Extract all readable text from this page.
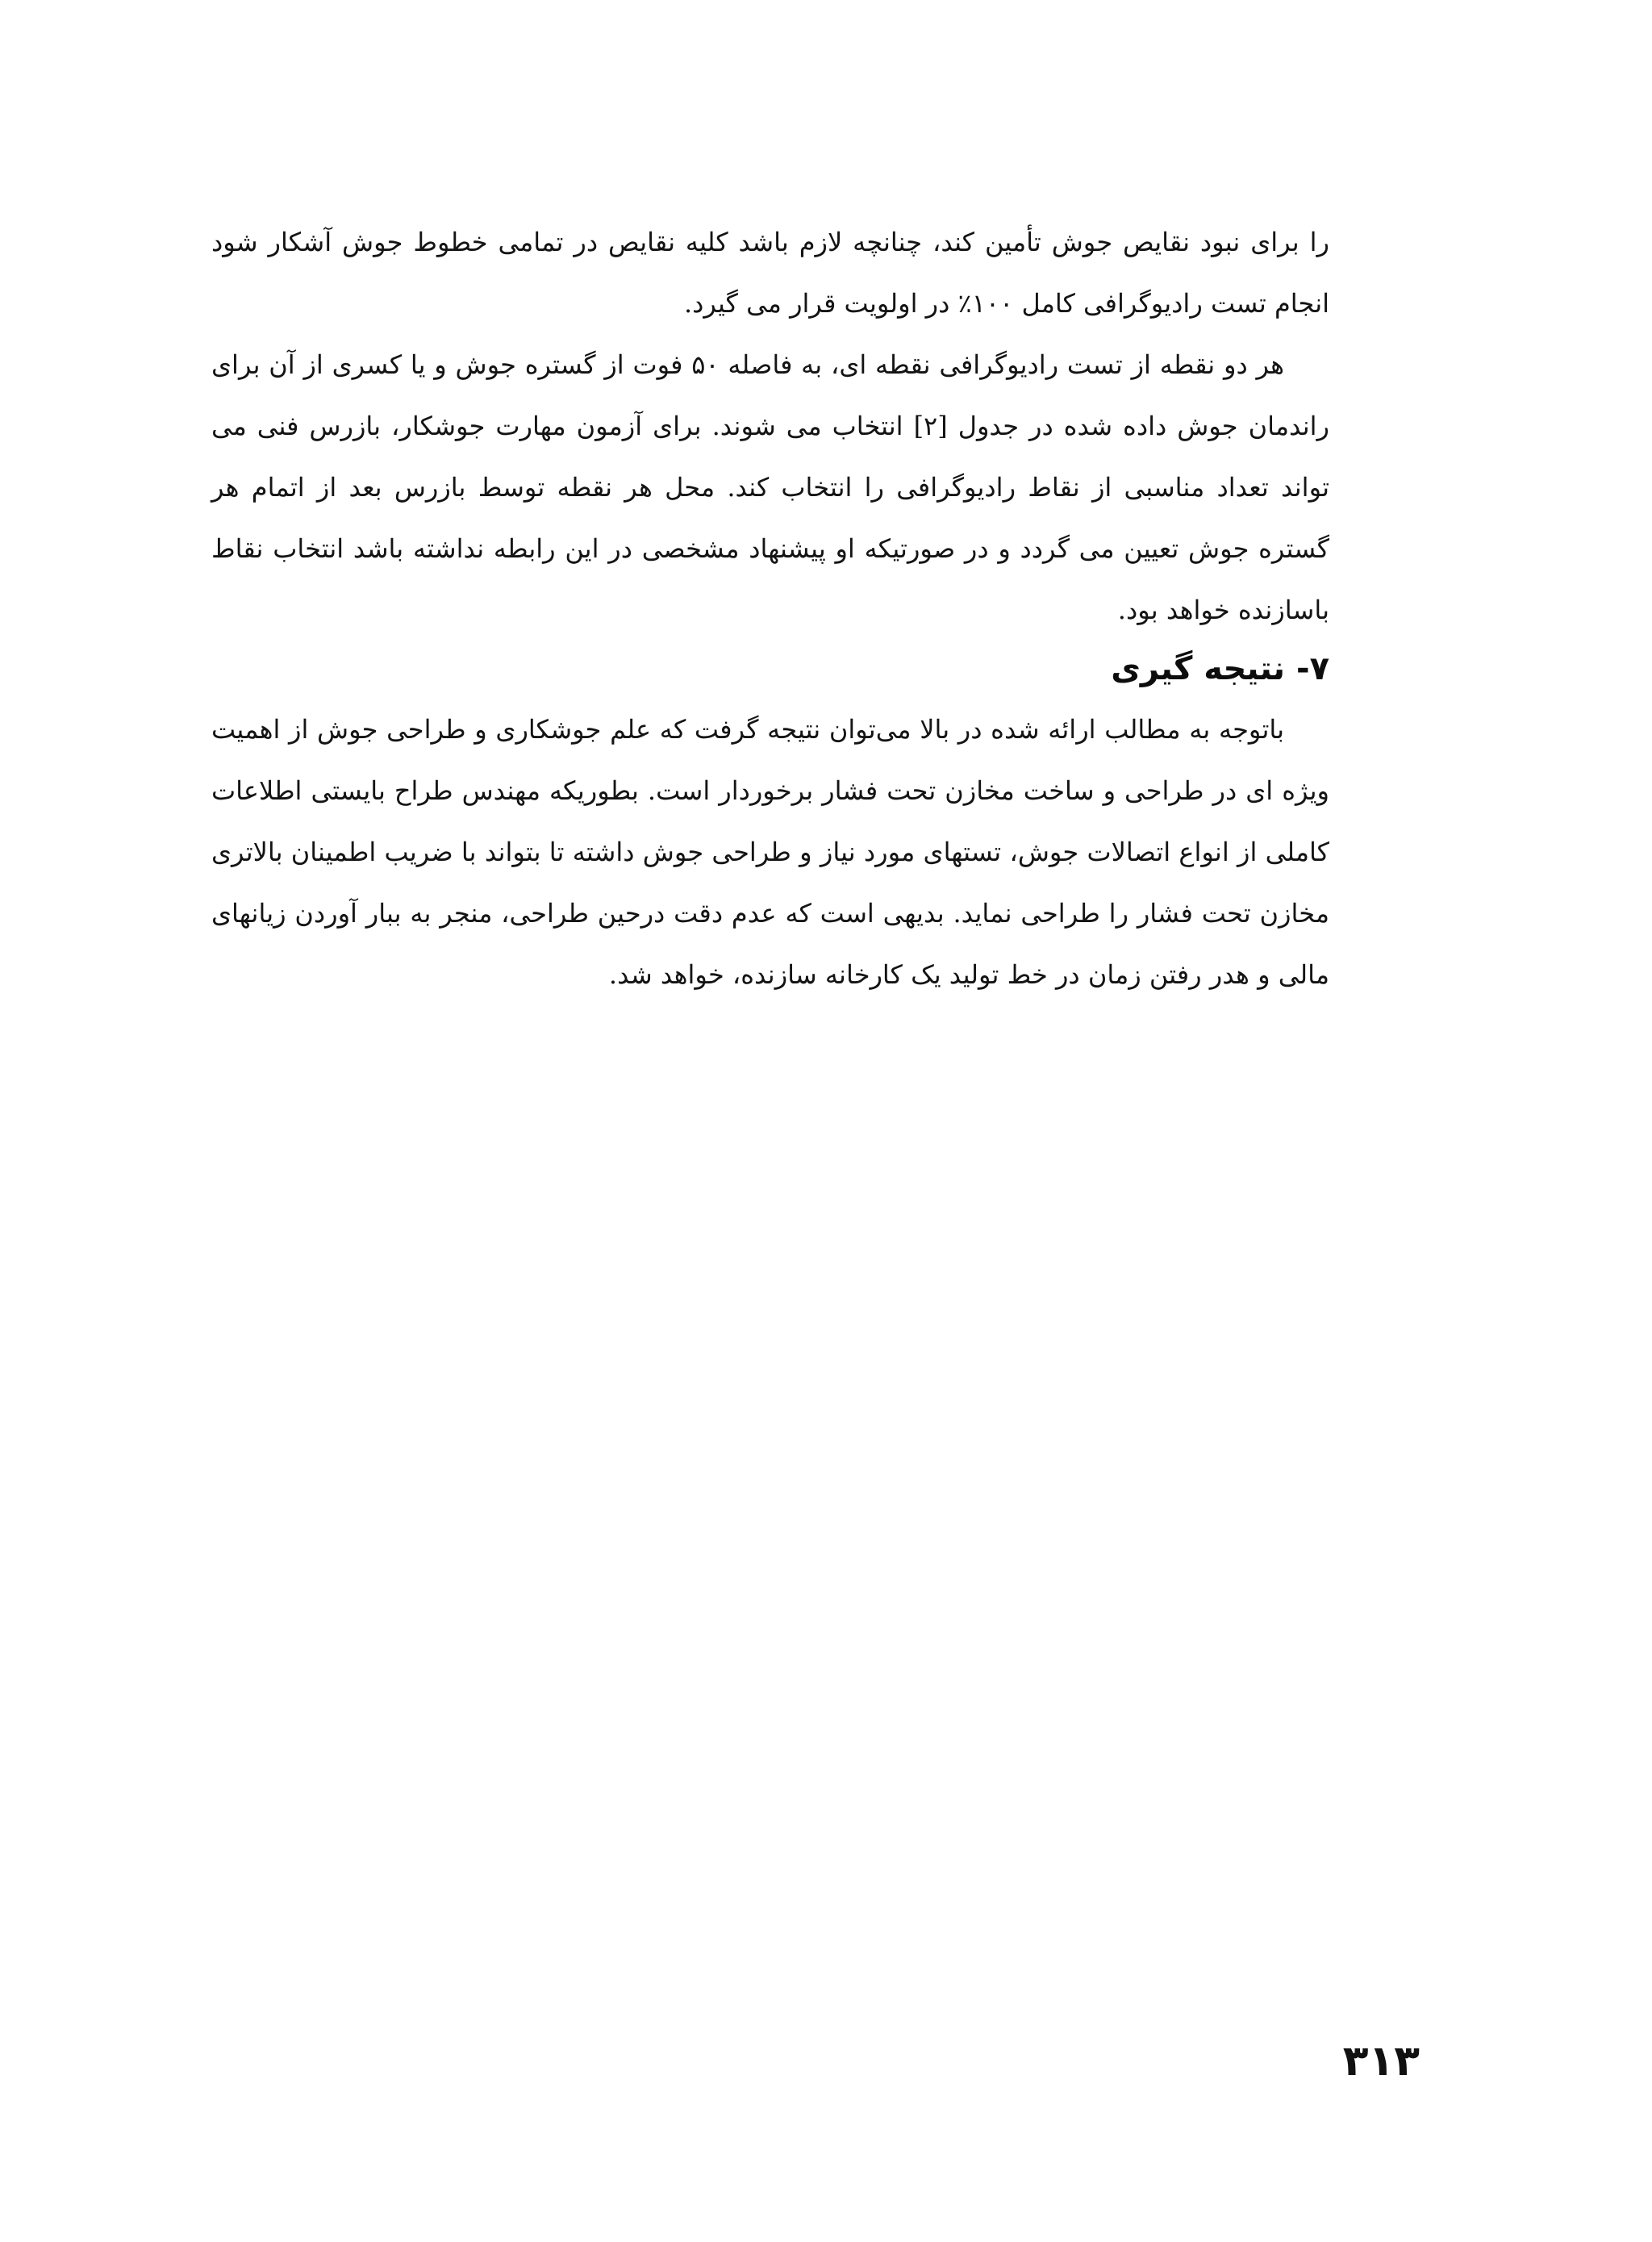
را برای نبود نقایص جوش تأمین کند، چنانچه لازم باشد کلیه نقایص در تمامی خطوط جوش آشکار شود انجام تست رادیوگرافی کامل ۱۰۰٪ در اولویت قرار می گیرد.

هر دو نقطه از تست رادیوگرافی نقطه ای، به فاصله ۵۰ فوت از گستره جوش و یا کسری از آن برای راندمان جوش داده شده در جدول [۲] انتخاب می شوند. برای آزمون مهارت جوشکار، بازرس فنی می تواند تعداد مناسبی از نقاط رادیوگرافی را انتخاب کند. محل هر نقطه توسط بازرس بعد از اتمام هر گستره جوش تعیین می گردد و در صورتیکه او پیشنهاد مشخصی در این رابطه نداشته باشد انتخاب نقاط باسازنده خواهد بود.

۷- نتیجه گیری

باتوجه به مطالب ارائه شده در بالا می‌توان نتیجه گرفت که علم جوشکاری و طراحی جوش از اهمیت ویژه ای در طراحی و ساخت مخازن تحت فشار برخوردار است. بطوریکه مهندس طراح بایستی اطلاعات کاملی از انواع اتصالات جوش، تستهای مورد نیاز و طراحی جوش داشته تا بتواند با ضریب اطمینان بالاتری مخازن تحت فشار را طراحی نماید. بدیهی است که عدم دقت درحین طراحی، منجر به ببار آوردن زیانهای مالی و هدر رفتن زمان در خط تولید یک کارخانه سازنده، خواهد شد.

۳۱۳
